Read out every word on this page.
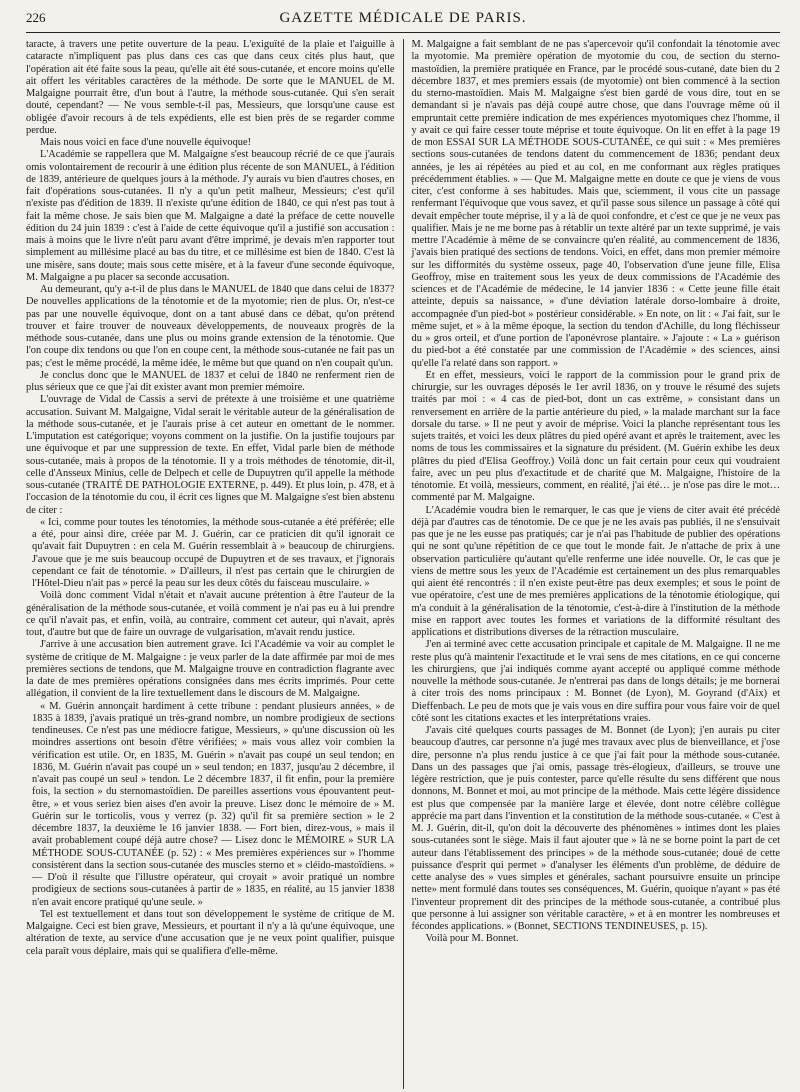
226	GAZETTE MÉDICALE DE PARIS.

taracte, à travers une petite ouverture de la peau. L'exiguïté de la plaie et l'aiguille à cataracte n'impliquent pas plus dans ces cas que dans ceux cités plus haut, que l'opération ait été faite sous la peau, qu'elle ait été sous-cutanée, et encore moins qu'elle ait offert les véritables caractères de la méthode. De sorte que le MANUEL de M. Malgaigne pourrait être, d'un bout à l'autre, la méthode sous-cutanée. Qui s'en serait douté, cependant? — Ne vous semble-t-il pas, Messieurs, que lorsqu'une cause est obligée d'avoir recours à de tels expédients, elle est bien près de se regarder comme perdue.

Mais nous voici en face d'une nouvelle équivoque!

L'Académie se rappellera que M. Malgaigne s'est beaucoup récrié de ce que j'aurais omis volontairement de recourir à une édition plus récente de son MANUEL, à l'édition de 1839, antérieure de quelques jours à la méthode. J'y aurais vu bien d'autres choses, en fait d'opérations sous-cutanées. Il n'y a qu'un petit malheur, Messieurs; c'est qu'il n'existe pas d'édition de 1839. Il n'existe qu'une édition de 1840, ce qui n'est pas tout à fait la même chose. Je sais bien que M. Malgaigne a daté la préface de cette nouvelle édition du 24 juin 1839 : c'est à l'aide de cette équivoque qu'il a justifié son accusation : mais à moins que le livre n'eût paru avant d'être imprimé, je devais m'en rapporter tout simplement au millésime placé au bas du titre, et ce millésime est bien de 1840. C'est là une misère, sans doute; mais sous cette misère, et à la faveur d'une seconde équivoque, M. Malgaigne a pu placer sa seconde accusation.

Au demeurant, qu'y a-t-il de plus dans le MANUEL de 1840 que dans celui de 1837? De nouvelles applications de la ténotomie et de la myotomie; rien de plus. Or, n'est-ce pas par une nouvelle équivoque, dont on a tant abusé dans ce débat, qu'on prétend trouver et faire trouver de nouveaux développements, de nouveaux progrès de la méthode sous-cutanée, dans une plus ou moins grande extension de la ténotomie. Que l'on coupe dix tendons ou que l'on en coupe cent, la méthode sous-cutanée ne fait pas un pas; c'est le même procédé, la même idée, le même but que quand on n'en coupait qu'un.

Je conclus donc que le MANUEL de 1837 et celui de 1840 ne renferment rien de plus sérieux que ce que j'ai dit exister avant mon premier mémoire.

L'ouvrage de Vidal de Cassis a servi de prétexte à une troisième et une quatrième accusation. Suivant M. Malgaigne, Vidal serait le véritable auteur de la généralisation de la méthode sous-cutanée, et je l'aurais prise à cet auteur en omettant de le nommer. L'imputation est catégorique; voyons comment on la justifie. On la justifie toujours par une équivoque et par une suppression de texte. En effet, Vidal parle bien de méthode sous-cutanée, mais à propos de la ténotomie. Il y a trois méthodes de ténotomie, dit-il, celle d'Ansseux Minius, celle de Delpech et celle de Dupuytren qu'il appelle la méthode sous-cutanée (TRAITÉ DE PATHOLOGIE EXTERNE, p. 449). Et plus loin, p. 478, et à l'occasion de la ténotomie du cou, il écrit ces lignes que M. Malgaigne s'est bien abstenu de citer :

« Ici, comme pour toutes les ténotomies, la méthode sous-cutanée a été préférée; elle a été, pour ainsi dire, créée par M. J. Guérin, car ce praticien dit qu'il ignorait ce qu'avait fait Dupuytren : en cela M. Guérin ressemblait à » beaucoup de chirurgiens. J'avoue que je me suis beaucoup occupé de Dupuytren et de ses travaux, et j'ignorais cependant ce fait de ténotomie. » D'ailleurs, il n'est pas certain que le chirurgien de l'Hôtel-Dieu n'ait pas » percé la peau sur les deux côtés du faisceau musculaire. »

Voilà donc comment Vidal n'était et n'avait aucune prétention à être l'auteur de la généralisation de la méthode sous-cutanée, et voilà comment je n'ai pas eu à lui prendre ce qu'il n'avait pas, et enfin, voilà, au contraire, comment cet auteur, qui n'avait, après tout, d'autre but que de faire un ouvrage de vulgarisation, m'avait rendu justice.

J'arrive à une accusation bien autrement grave. Ici l'Académie va voir au complet le système de critique de M. Malgaigne : je veux parler de la date affirmée par moi de mes premières sections de tendons, que M. Malgaigne trouve en contradiction flagrante avec la date de mes premières opérations consignées dans mes écrits imprimés. Pour cette allégation, il convient de la lire textuellement dans le discours de M. Malgaigne.

« M. Guérin annonçait hardiment à cette tribune : pendant plusieurs années, » de 1835 à 1839, j'avais pratiqué un très-grand nombre, un nombre prodigieux de sections tendineuses. Ce n'est pas une médiocre fatigue, Messieurs, » qu'une discussion où les moindres assertions ont besoin d'être vérifiées; » mais vous allez voir combien la vérification est utile. Or, en 1835, M. Guérin » n'avait pas coupé un seul tendon; en 1836, M. Guérin n'avait pas coupé un » seul tendon; en 1837, jusqu'au 2 décembre, il n'avait pas coupé un seul » tendon. Le 2 décembre 1837, il fit enfin, pour la première fois, la section » du sternomastoïdien. De pareilles assertions vous épouvantent peut-être, » et vous seriez bien aises d'en avoir la preuve. Lisez donc le mémoire de » M. Guérin sur le torticolis, vous y verrez (p. 32) qu'il fit sa première section » le 2 décembre 1837, la deuxième le 16 janvier 1838. — Fort bien, direz-vous, » mais il avait probablement coupé déjà autre chose? — Lisez donc le MÉMOIRE » SUR LA MÉTHODE SOUS-CUTANÉE (p. 52) : « Mes premières expériences sur » l'homme consistèrent dans la section sous-cutanée des muscles sterno et » cléido-mastoïdiens. » — D'où il résulte que l'illustre opérateur, qui croyait » avoir pratiqué un nombre prodigieux de sections sous-cutanées à partir de » 1835, en réalité, au 15 janvier 1838 n'en avait encore pratiqué qu'une seule. »

Tel est textuellement et dans tout son développement le système de critique de M. Malgaigne. Ceci est bien grave, Messieurs, et pourtant il n'y a là qu'une équivoque, une altération de texte, au service d'une accusation que je ne veux point qualifier, puisque cela paraît vous déplaire, mais qui se qualifiera d'elle-même.

M. Malgaigne a fait semblant de ne pas s'apercevoir qu'il confondait la ténotomie avec la myotomie. Ma première opération de myotomie du cou, de section du sterno-mastoïdien, la première pratiquée en France, par le procédé sous-cutané, date bien du 2 décembre 1837, et mes premiers essais (de myotomie) ont bien commencé à la section du sterno-mastoïdien. Mais M. Malgaigne s'est bien gardé de vous dire, tout en se demandant si je n'avais pas déjà coupé autre chose, que dans l'ouvrage même où il empruntait cette première indication de mes expériences myotomiques chez l'homme, il y avait ce qui faire cesser toute méprise et toute équivoque. On lit en effet à la page 19 de mon ESSAI SUR LA MÉTHODE SOUS-CUTANÉE, ce qui suit : « Mes premières sections sous-cutanées de tendons datent du commencement de 1836; pendant deux années, je les ai répétées au pied et au col, en me conformant aux règles pratiques précédemment établies. » — Que M. Malgaigne mette en doute ce que je viens de vous citer, c'est conforme à ses habitudes. Mais que, sciemment, il vous cite un passage renfermant l'équivoque que vous savez, et qu'il passe sous silence un passage à côté qui devait empêcher toute méprise, il y a là de quoi confondre, et c'est ce que je ne veux pas qualifier. Mais je ne me borne pas à rétablir un texte altéré par un texte supprimé, je vais mettre l'Académie à même de se convaincre qu'en réalité, au commencement de 1836, j'avais bien pratiqué des sections de tendons. Voici, en effet, dans mon premier mémoire sur les difformités du système osseux, page 40, l'observation d'une jeune fille, Elisa Geoffroy, mise en traitement sous les yeux de deux commissions de l'Académie des sciences et de l'Académie de médecine, le 14 janvier 1836 : « Cette jeune fille était atteinte, depuis sa naissance, » d'une déviation latérale dorso-lombaire à droite, accompagnée d'un pied-bot » postérieur considérable. » En note, on lit : « J'ai fait, sur le même sujet, et » à la même époque, la section du tendon d'Achille, du long fléchisseur du » gros orteil, et d'une portion de l'aponévrose plantaire. » J'ajoute : « La » guérison du pied-bot a été constatée par une commission de l'Académie » des sciences, ainsi qu'elle l'a relaté dans son rapport. »

Et en effet, messieurs, voici le rapport de la commission pour le grand prix de chirurgie, sur les ouvrages déposés le 1er avril 1836, on y trouve le résumé des sujets traités par moi : « 4 cas de pied-bot, dont un cas extrême, » consistant dans un renversement en arrière de la partie antérieure du pied, » la malade marchant sur la face dorsale du tarse. » Il ne peut y avoir de méprise. Voici la planche représentant tous les sujets traités, et voici les deux plâtres du pied opéré avant et après le traitement, avec les noms de tous les commissaires et la signature du président. (M. Guérin exhibe les deux plâtres du pied d'Elisa Geoffroy.) Voilà donc un fait certain pour ceux qui voudraient faire, avec un peu plus d'exactitude et de charité que M. Malgaigne, l'histoire de la ténotomie. Et voilà, messieurs, comment, en réalité, j'ai été… je n'ose pas dire le mot… commenté par M. Malgaigne.

L'Académie voudra bien le remarquer, le cas que je viens de citer avait été précédé déjà par d'autres cas de ténotomie. De ce que je ne les avais pas publiés, il ne s'ensuivait pas que je ne les eusse pas pratiqués; car je n'ai pas l'habitude de publier des opérations qui ne sont qu'une répétition de ce que tout le monde fait. Je n'attache de prix à une observation particulière qu'autant qu'elle renferme une idée nouvelle. Or, le cas que je viens de mettre sous les yeux de l'Académie est certainement un des plus remarquables qui aient été rencontrés : il n'en existe peut-être pas deux exemples; et sous le point de vue opératoire, c'est une de mes premières applications de la ténotomie étiologique, qui m'a conduit à la généralisation de la ténotomie, c'est-à-dire à l'institution de la méthode mise en rapport avec toutes les formes et variations de la difformité résultant des applications et distributions diverses de la rétraction musculaire.

J'en ai terminé avec cette accusation principale et capitale de M. Malgaigne. Il ne me reste plus qu'à maintenir l'exactitude et le vrai sens de mes citations, en ce qui concerne les chirurgiens, que j'ai indiqués comme ayant accepté ou appliqué comme méthode nouvelle la méthode sous-cutanée. Je n'entrerai pas dans de longs détails; je me bornerai à citer trois des noms principaux : M. Bonnet (de Lyon), M. Goyrand (d'Aix) et Dieffenbach. Le peu de mots que je vais vous en dire suffira pour vous faire voir de quel côté sont les citations exactes et les interprétations vraies.

J'avais cité quelques courts passages de M. Bonnet (de Lyon); j'en aurais pu citer beaucoup d'autres, car personne n'a jugé mes travaux avec plus de bienveillance, et j'ose dire, personne n'a plus rendu justice à ce que j'ai fait pour la méthode sous-cutanée. Dans un des passages que j'ai omis, passage très-élogieux, d'ailleurs, se trouve une légère restriction, que je puis contester, parce qu'elle résulte du sens différent que nous donnons, M. Bonnet et moi, au mot principe de la méthode. Mais cette légère dissidence est plus que compensée par la manière large et élevée, dont notre célèbre collègue apprécie ma part dans l'invention et la constitution de la méthode sous-cutanée. « C'est à M. J. Guérin, dit-il, qu'on doit la découverte des phénomènes » intimes dont les plaies sous-cutanées sont le siège. Mais il faut ajouter que » là ne se borne point la part de cet auteur dans l'établissement des principes » de la méthode sous-cutanée; doué de cette puissance d'esprit qui permet » d'analyser les éléments d'un problème, de déduire de cette analyse des » vues simples et générales, sachant poursuivre ensuite un principe nette» ment formulé dans toutes ses conséquences, M. Guérin, quoique n'ayant » pas été l'inventeur proprement dit des principes de la méthode sous-cutanée, a contribué plus que personne à lui assigner son véritable caractère, » et à en montrer les nombreuses et fécondes applications. » (Bonnet, SECTIONS TENDINEUSES, p. 15).

Voilà pour M. Bonnet.
